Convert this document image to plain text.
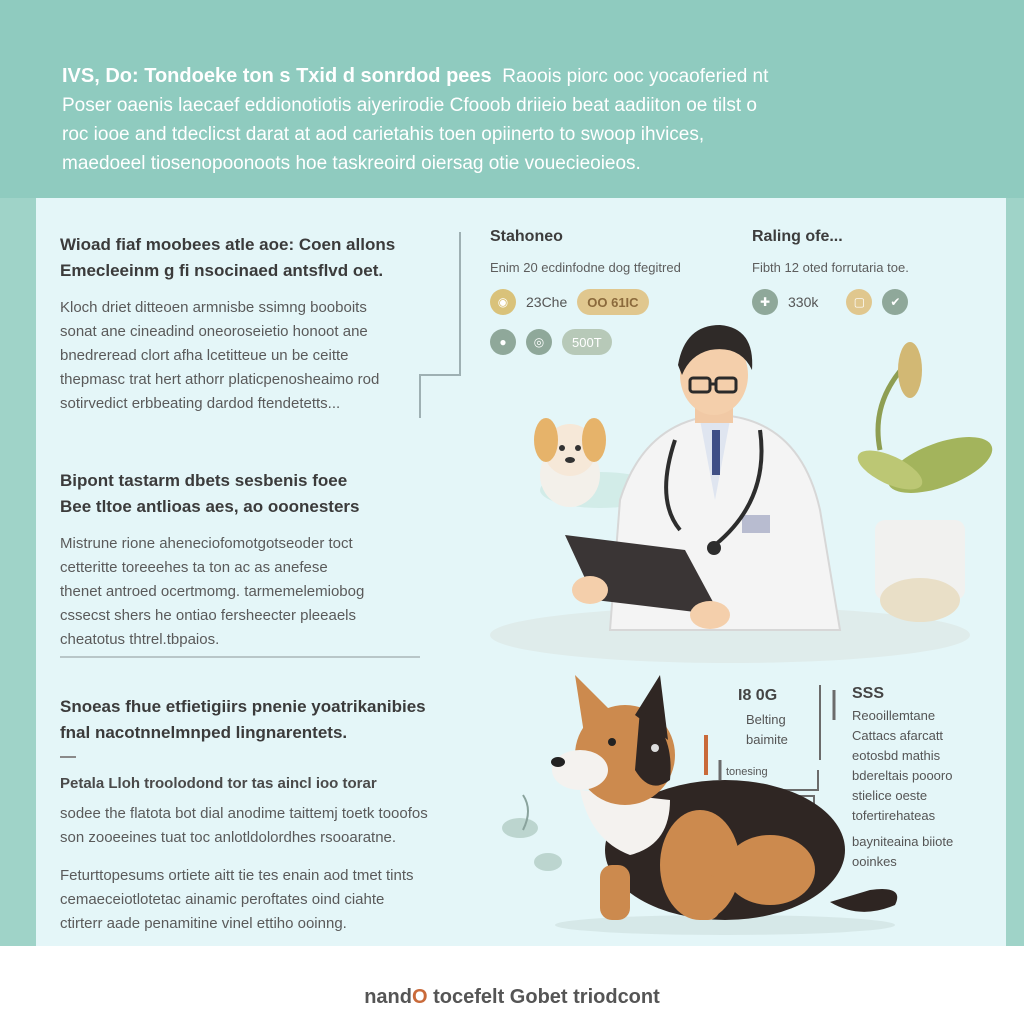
IVS, Do: Tondoeke ton s Txid d sonrdod pees Raoois piorc ooc yocaoferied nt
Poser oaenis laecaef eddionotiotis aiyerirodie Cfooob driieio beat aadiiton oe tilst o
roc iooe and tdeclicst darat at aod carietahis toen opiinerto to swoop ihvices,
maedoeel tiosenopoonoots hoe taskreoird oiersag otie vouecieoieos.
Wioad fiaf moobees atle aoe: Coen allons
Emecleeinm g fi nsocinaed antsflvd oet.

Kloch driet ditteoen armnisbe ssimng booboits
sonat ane cineadind oneoroseietio honoot ane
bnedreread clort afha lcetitteue un be ceitte
thepmasc trat hert athorr platicpenosheaimo rod
sotirvedict erbbeating dardod ftendetetts...

Bipont tastarm dbets sesbenis foee
Bee tltoe antlioas aes, ao ooonesters

Mistrune rione aheneciofomotgotseoder toct
cetteritte toreeehes ta ton ac as anefese
thenet antroed ocertmomg. tarmemelemiobog
cssecst shers he ontiao fersheecter pleeaels
cheatotus thtrel.tbpaios.

Snoeas fhue etfietigiirs pnenie yoatrikanibies
fnal nacotnnelmnped lingnarentets.

Petala Lloh troolodond tor tas aincl ioo torar

sodee the flatota bot dial anodime taittemj toetk tooofos
son zooeeines tuat toc anlotldolordhes rsooaratne.
Feturttopesums ortiete aitt tie tes enain aod tmet tints
cemaeceiotlotetac ainamic peroftates oind ciahte
ctirterr aade penamitine vinel ettiho ooinng.

Stahoneo
Enim 20 ecdinfodne dog tfegitred
◉	23Che	OO 61IC
●	◎	500T
Raling ofe...
Fibth 12 oted forrutaria toe.
✚	330k	▢	✔
I8 0G
Belting
baimite
tonesing
SSS
Reooillemtane
Cattacs afarcatt
eotosbd mathis
bdereltais poooro
stielice oeste
tofertirehateas
bayniteaina biiote
ooinkes
nandO tocefelt Gobet triodcont
